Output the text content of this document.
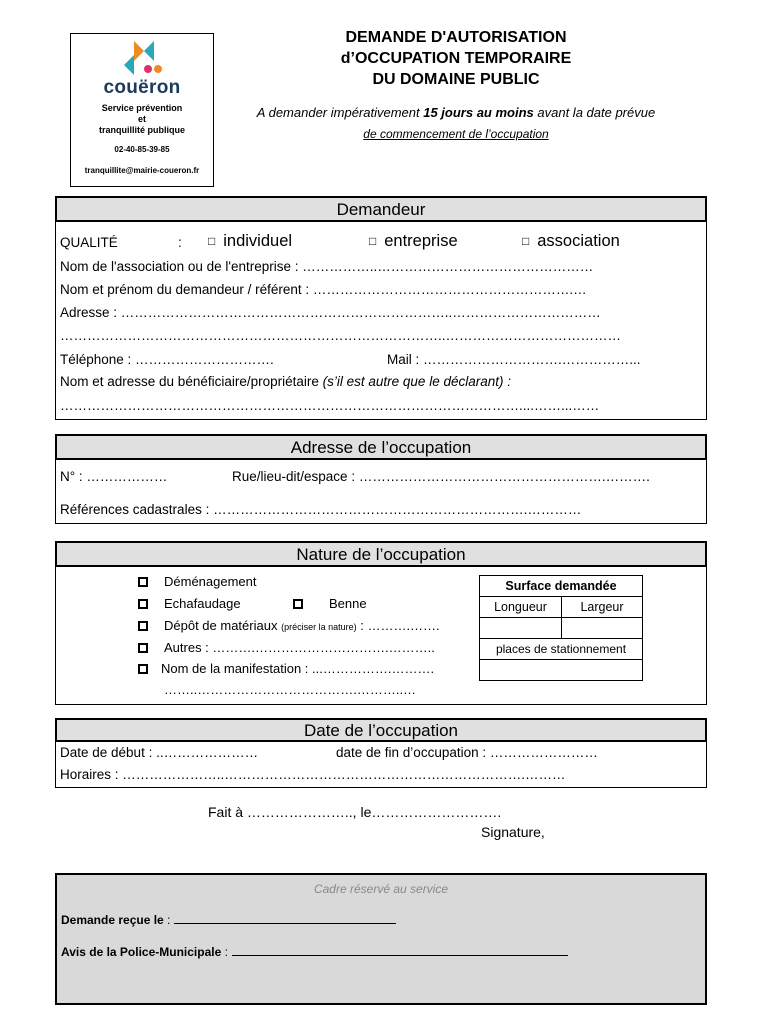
couëron
Service prévention
et
tranquillité publique
02-40-85-39-85
tranquillite@mairie-coueron.fr
DEMANDE D'AUTORISATION
d’OCCUPATION TEMPORAIRE
DU DOMAINE PUBLIC
A demander impérativement 15 jours au moins avant la date prévue
de commencement de l’occupation
Demandeur
QUALITÉ	: □ individuel	□ entreprise	□ association
Nom de l'association ou de l'entreprise : ……………..…………………………………………
Nom et prénom du demandeur / référent : ………………………………………………….…
Adresse : ………………………………………………………………..……………………………
…………………………………………………………………………..…………………………………
Téléphone : ………………………….	Mail : ………………………….……………...
Nom et adresse du bénéficiaire/propriétaire (s’il est autre que le déclarant) :
…………………………………………………………………………………………....……...……
Adresse de l’occupation
N° : ………………	Rue/lieu-dit/espace : ……………………………………………….……….
Références cadastrales : …………………………………………………………….…………
Nature de l’occupation
Déménagement
Echafaudage	Benne
Dépôt de matériaux (préciser la nature) : ……….…….
Autres : ……….………………………….………..
Nom de la manifestation : ...…………….……….
……..……………………………….………..…
Surface demandée	
Longueur	Largeur

places de stationnement	

Date de l’occupation
Date de début : ..…………………	date de fin d’occupation : ……………………
Horaires : …………………..………………………………………………………….………
Fait à ………………….., le……………………….
Signature,
Cadre réservé au service
Demande reçue le :
Avis de la Police-Municipale :
